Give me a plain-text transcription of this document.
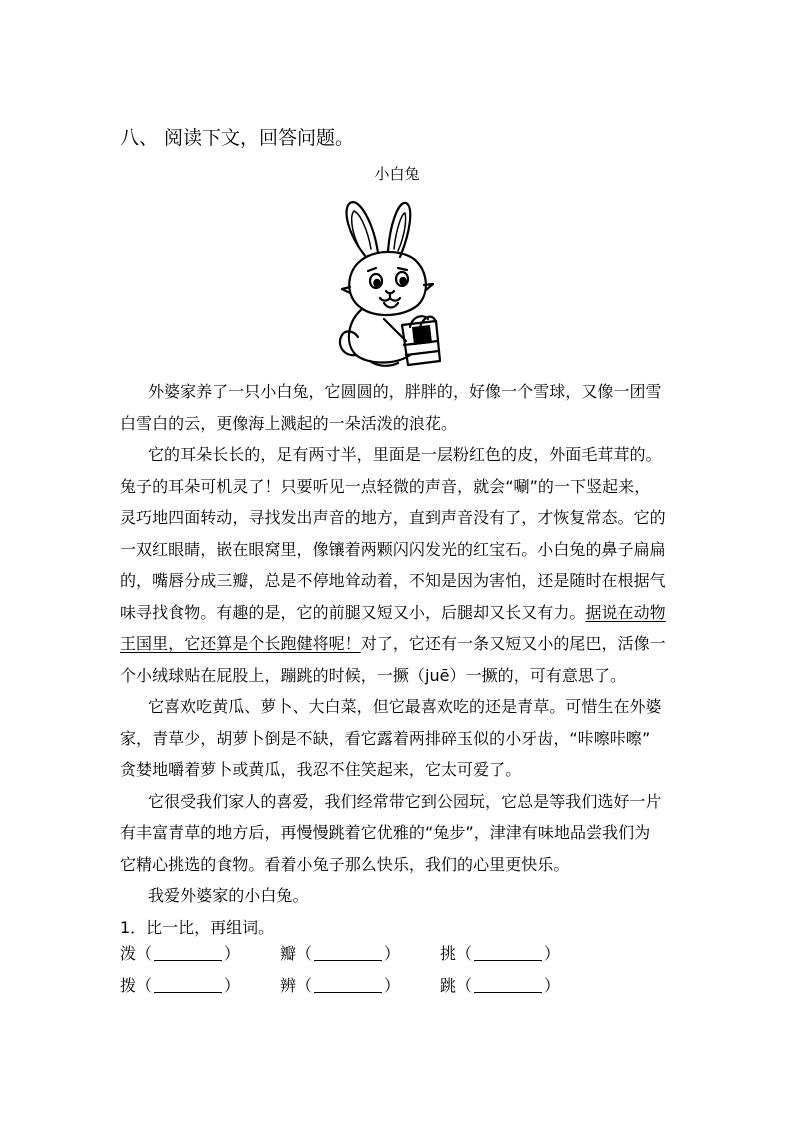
八、 阅读下文，回答问题。
小白兔
外婆家养了一只小白兔，它圆圆的，胖胖的，好像一个雪球，又像一团雪
白雪白的云，更像海上溅起的一朵活泼的浪花。
它的耳朵长长的，足有两寸半，里面是一层粉红色的皮，外面毛茸茸的。
兔子的耳朵可机灵了！只要听见一点轻微的声音，就会“唰”的一下竖起来，
灵巧地四面转动，寻找发出声音的地方，直到声音没有了，才恢复常态。它的
一双红眼睛，嵌在眼窝里，像镶着两颗闪闪发光的红宝石。小白兔的鼻子扁扁
的，嘴唇分成三瓣，总是不停地耸动着，不知是因为害怕，还是随时在根据气
味寻找食物。有趣的是，它的前腿又短又小，后腿却又长又有力。据说在动物
王国里，它还算是个长跑健将呢！对了，它还有一条又短又小的尾巴，活像一
个小绒球贴在屁股上，蹦跳的时候，一撅（juē）一撅的，可有意思了。
它喜欢吃黄瓜、萝卜、大白菜，但它最喜欢吃的还是青草。可惜生在外婆
家，青草少，胡萝卜倒是不缺，看它露着两排碎玉似的小牙齿，“咔嚓咔嚓”
贪婪地嚼着萝卜或黄瓜，我忍不住笑起来，它太可爱了。
它很受我们家人的喜爱，我们经常带它到公园玩，它总是等我们选好一片
有丰富青草的地方后，再慢慢跳着它优雅的“兔步”，津津有味地品尝我们为
它精心挑选的食物。看着小兔子那么快乐，我们的心里更快乐。
我爱外婆家的小白兔。
1．比一比，再组词。
泼（	） 瓣（	） 挑（	）
拨（	） 辨（	） 跳（	）
